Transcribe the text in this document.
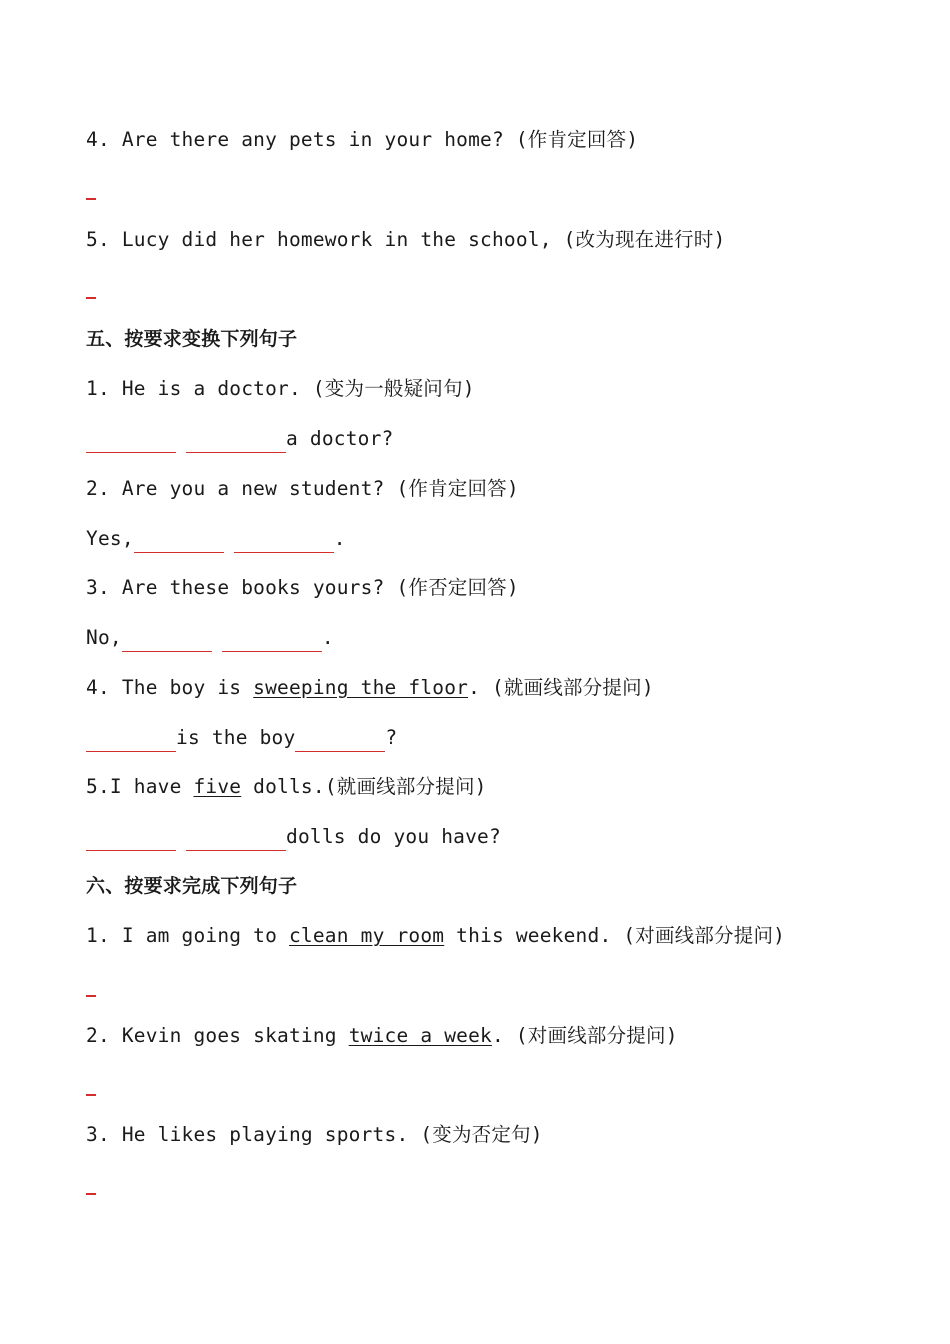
4. Are there any pets in your home? (作肯定回答)
5. Lucy did her homework in the school, (改为现在进行时)
五、按要求变换下列句子
1. He is a doctor. (变为一般疑问句)
a doctor?
2. Are you a new student? (作肯定回答)
Yes,	.
3. Are these books yours? (作否定回答)
No,	.
4. The boy is sweeping the floor. (就画线部分提问)
is the boy	?
5.I have five dolls.(就画线部分提问)
dolls do you have?
六、按要求完成下列句子
1. I am going to clean my room this weekend. (对画线部分提问)
2. Kevin goes skating twice a week. (对画线部分提问)
3. He likes playing sports. (变为否定句)
